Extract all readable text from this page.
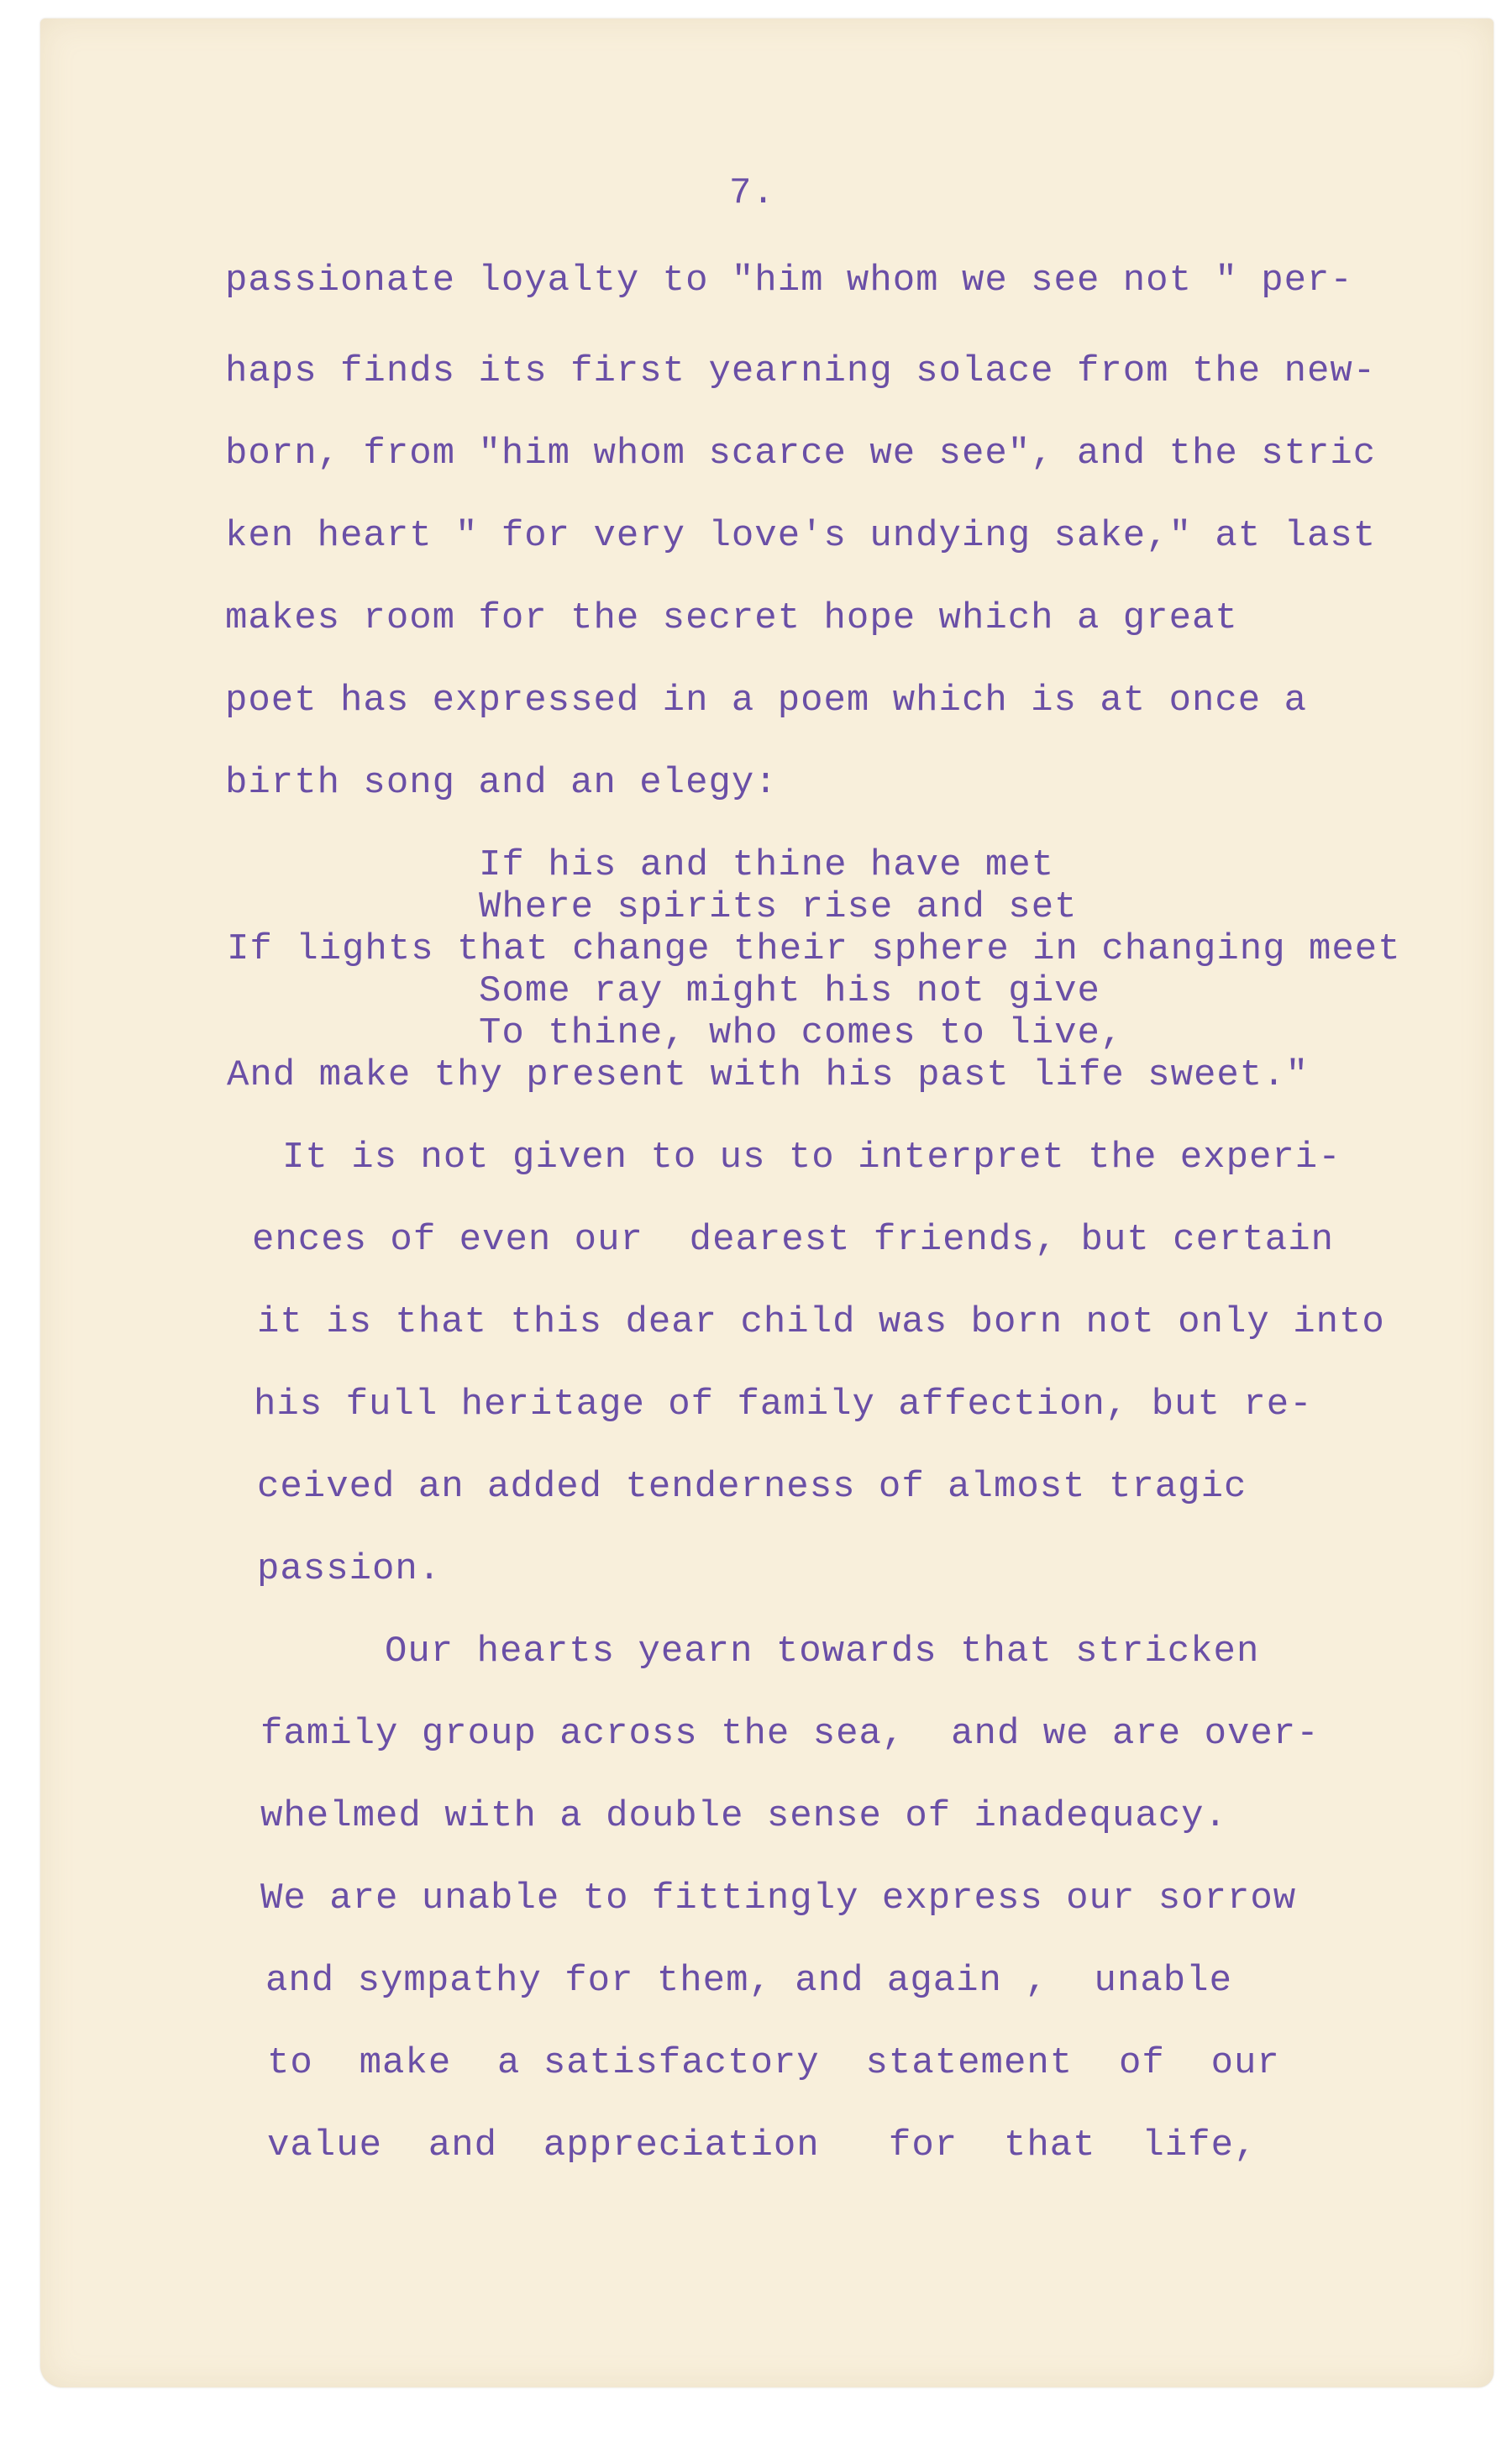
7.
passionate loyalty to "him whom we see not " per-
haps finds its first yearning solace from the new-
born, from "him whom scarce we see", and the stric
ken heart " for very love's undying sake," at last
makes room for the secret hope which a great
poet has expressed in a poem which is at once a
birth song and an elegy:
If his and thine have met
Where spirits rise and set
If lights that change their sphere in changing meet
Some ray might his not give
To thine, who comes to live,
And make thy present with his past life sweet."
It is not given to us to interpret the experi-
ences of even our  dearest friends, but certain
it is that this dear child was born not only into
his full heritage of family affection, but re-
ceived an added tenderness of almost tragic
passion.
Our hearts yearn towards that stricken
family group across the sea,  and we are over-
whelmed with a double sense of inadequacy.
We are unable to fittingly express our sorrow
and sympathy for them, and again ,  unable
to  make  a satisfactory  statement  of  our
value  and  appreciation   for  that  life,
